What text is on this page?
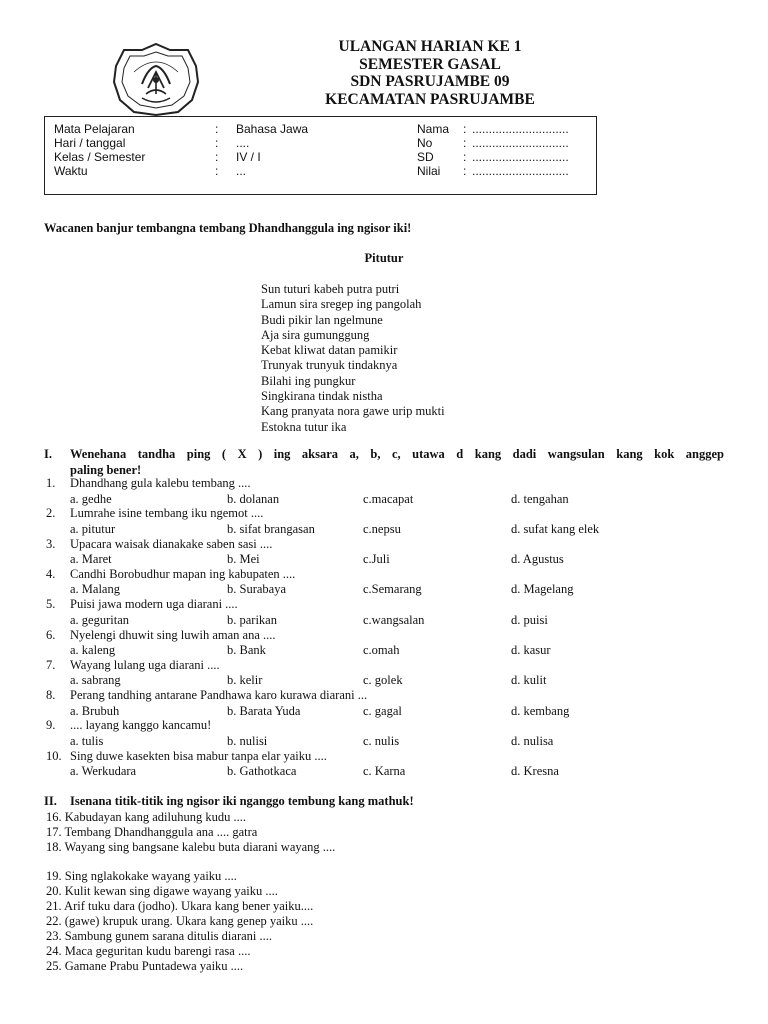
ULANGAN HARIAN KE 1
SEMESTER GASAL
SDN PASRUJAMBE 09
KECAMATAN PASRUJAMBE
Mata Pelajaran	: Bahasa Jawa	Nama : .............................
Hari / tanggal	: ....	No	: .............................
Kelas / Semester	: IV / I	SD : .............................
Waktu	: ...	Nilai : .............................
Wacanen banjur tembangna tembang Dhandhanggula ing ngisor iki!
Pitutur
Sun tuturi kabeh putra putri
Lamun sira sregep ing pangolah
Budi pikir lan ngelmune
Aja sira gumunggung
Kebat kliwat datan pamikir
Trunyak trunyuk tindaknya
Bilahi ing pungkur
Singkirana tindak nistha
Kang pranyata nora gawe urip mukti
Estokna tutur ika
I. Wenehana tandha ping ( X ) ing aksara a, b, c, utawa d kang dadi wangsulan kang kok anggep
paling bener!
1. Dhandhang gula kalebu tembang ....
a. gedhe	b. dolanan	c.macapat	d. tengahan
2. Lumrahe isine tembang iku ngemot ....
a. pitutur	b. sifat brangasan	c.nepsu	d. sufat kang elek
3. Upacara waisak dianakake saben sasi ....
a. Maret	b. Mei	c.Juli	d. Agustus
4. Candhi Borobudhur mapan ing kabupaten ....
a. Malang	b. Surabaya	c.Semarang	d. Magelang
5. Puisi jawa modern uga diarani ....
a. geguritan	b. parikan	c.wangsalan	d. puisi
6. Nyelengi dhuwit sing luwih aman ana ....
a. kaleng	b. Bank	c.omah	d. kasur
7. Wayang lulang uga diarani ....
a. sabrang	b. kelir	c. golek	d. kulit
8. Perang tandhing antarane Pandhawa karo kurawa diarani ...
a. Brubuh	b. Barata Yuda	c. gagal	d. kembang
9. .... layang kanggo kancamu!
a. tulis	b. nulisi	c. nulis	d. nulisa
10. Sing duwe kasekten bisa mabur tanpa elar yaiku ....
a. Werkudara	b. Gathotkaca	c. Karna	d. Kresna
II. Isenana titik-titik ing ngisor iki nganggo tembung kang mathuk!
16. Kabudayan kang adiluhung kudu ....
17. Tembang Dhandhanggula ana .... gatra
18. Wayang sing bangsane kalebu buta diarani wayang ....
19. Sing nglakokake wayang yaiku ....
20. Kulit kewan sing digawe wayang yaiku ....
21. Arif tuku dara (jodho). Ukara kang bener yaiku....
22. (gawe) krupuk urang. Ukara kang genep yaiku ....
23. Sambung gunem sarana ditulis diarani ....
24. Maca geguritan kudu barengi rasa ....
25. Gamane Prabu Puntadewa yaiku ....
